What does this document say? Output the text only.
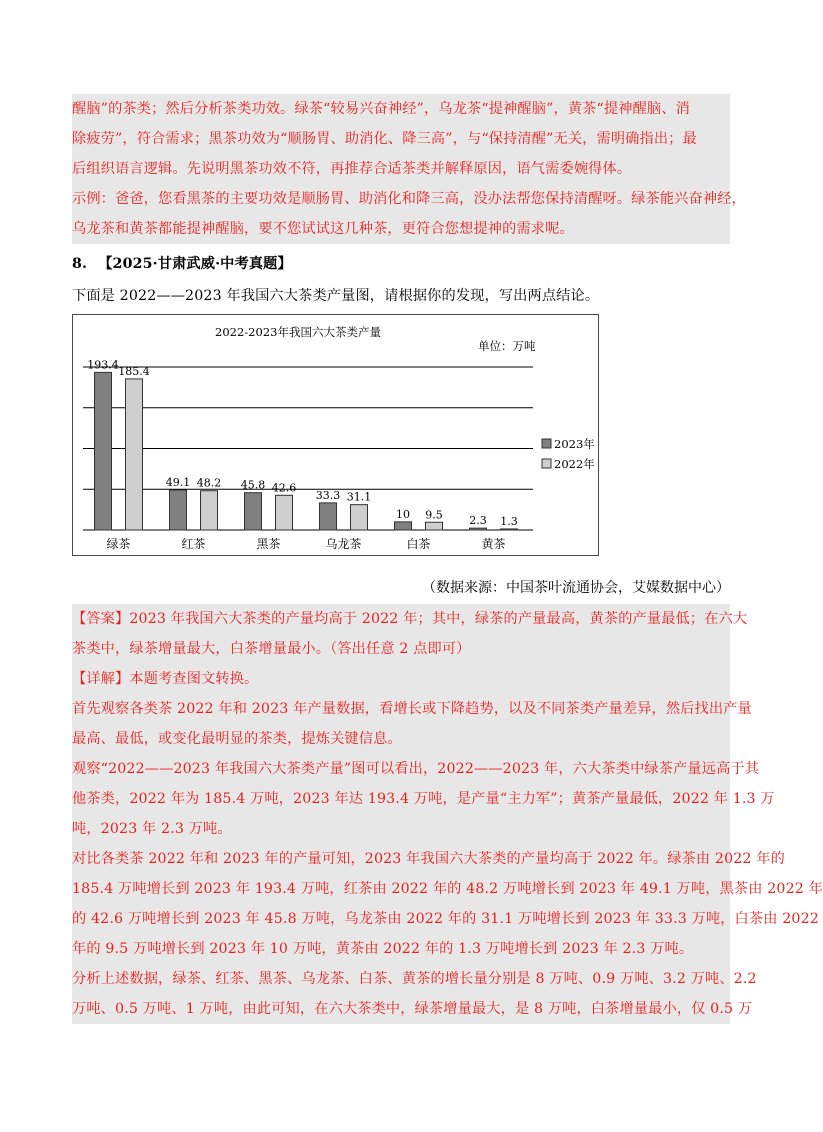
醒脑”的茶类；然后分析茶类功效。绿茶“较易兴奋神经”，乌龙茶“提神醒脑”，黄茶“提神醒脑、消
除疲劳”，符合需求；黑茶功效为“顺肠胃、助消化、降三高”，与“保持清醒”无关，需明确指出；最
后组织语言逻辑。先说明黑茶功效不符，再推荐合适茶类并解释原因，语气需委婉得体。
示例：爸爸，您看黑茶的主要功效是顺肠胃、助消化和降三高，没办法帮您保持清醒呀。绿茶能兴奋神经，
乌龙茶和黄茶都能提神醒脑，要不您试试这几种茶，更符合您想提神的需求呢。
8. 【2025·甘肃武威·中考真题】
下面是 2022——2023 年我国六大茶类产量图，请根据你的发现，写出两点结论。
2022-2023年我国六大茶类产量
单位：万吨
193.4
185.4
绿茶
49.1 48.2
红茶
45.8 42.6
黑茶
33.3 31.1
乌龙茶
10 9.5
白茶
2.3 1.3
黄茶
2023年
2022年
（数据来源：中国茶叶流通协会，艾媒数据中心）
【答案】2023 年我国六大茶类的产量均高于 2022 年；其中，绿茶的产量最高，黄茶的产量最低；在六大
茶类中，绿茶增量最大，白茶增量最小。（答出任意 2 点即可）
【详解】本题考查图文转换。
首先观察各类茶 2022 年和 2023 年产量数据，看增长或下降趋势，以及不同茶类产量差异，然后找出产量
最高、最低，或变化最明显的茶类，提炼关键信息。
观察“2022——2023 年我国六大茶类产量”图可以看出，2022——2023 年，六大茶类中绿茶产量远高于其
他茶类，2022 年为 185.4 万吨，2023 年达 193.4 万吨，是产量“主力军”；黄茶产量最低，2022 年 1.3 万
吨，2023 年 2.3 万吨。
对比各类茶 2022 年和 2023 年的产量可知，2023 年我国六大茶类的产量均高于 2022 年。绿茶由 2022 年的
185.4 万吨增长到 2023 年 193.4 万吨，红茶由 2022 年的 48.2 万吨增长到 2023 年 49.1 万吨，黑茶由 2022 年
的 42.6 万吨增长到 2023 年 45.8 万吨，乌龙茶由 2022 年的 31.1 万吨增长到 2023 年 33.3 万吨，白茶由 2022
年的 9.5 万吨增长到 2023 年 10 万吨，黄茶由 2022 年的 1.3 万吨增长到 2023 年 2.3 万吨。
分析上述数据，绿茶、红茶、黑茶、乌龙茶、白茶、黄茶的增长量分别是 8 万吨、0.9 万吨、3.2 万吨、2.2
万吨、0.5 万吨、1 万吨，由此可知，在六大茶类中，绿茶增量最大，是 8 万吨，白茶增量最小，仅 0.5 万
